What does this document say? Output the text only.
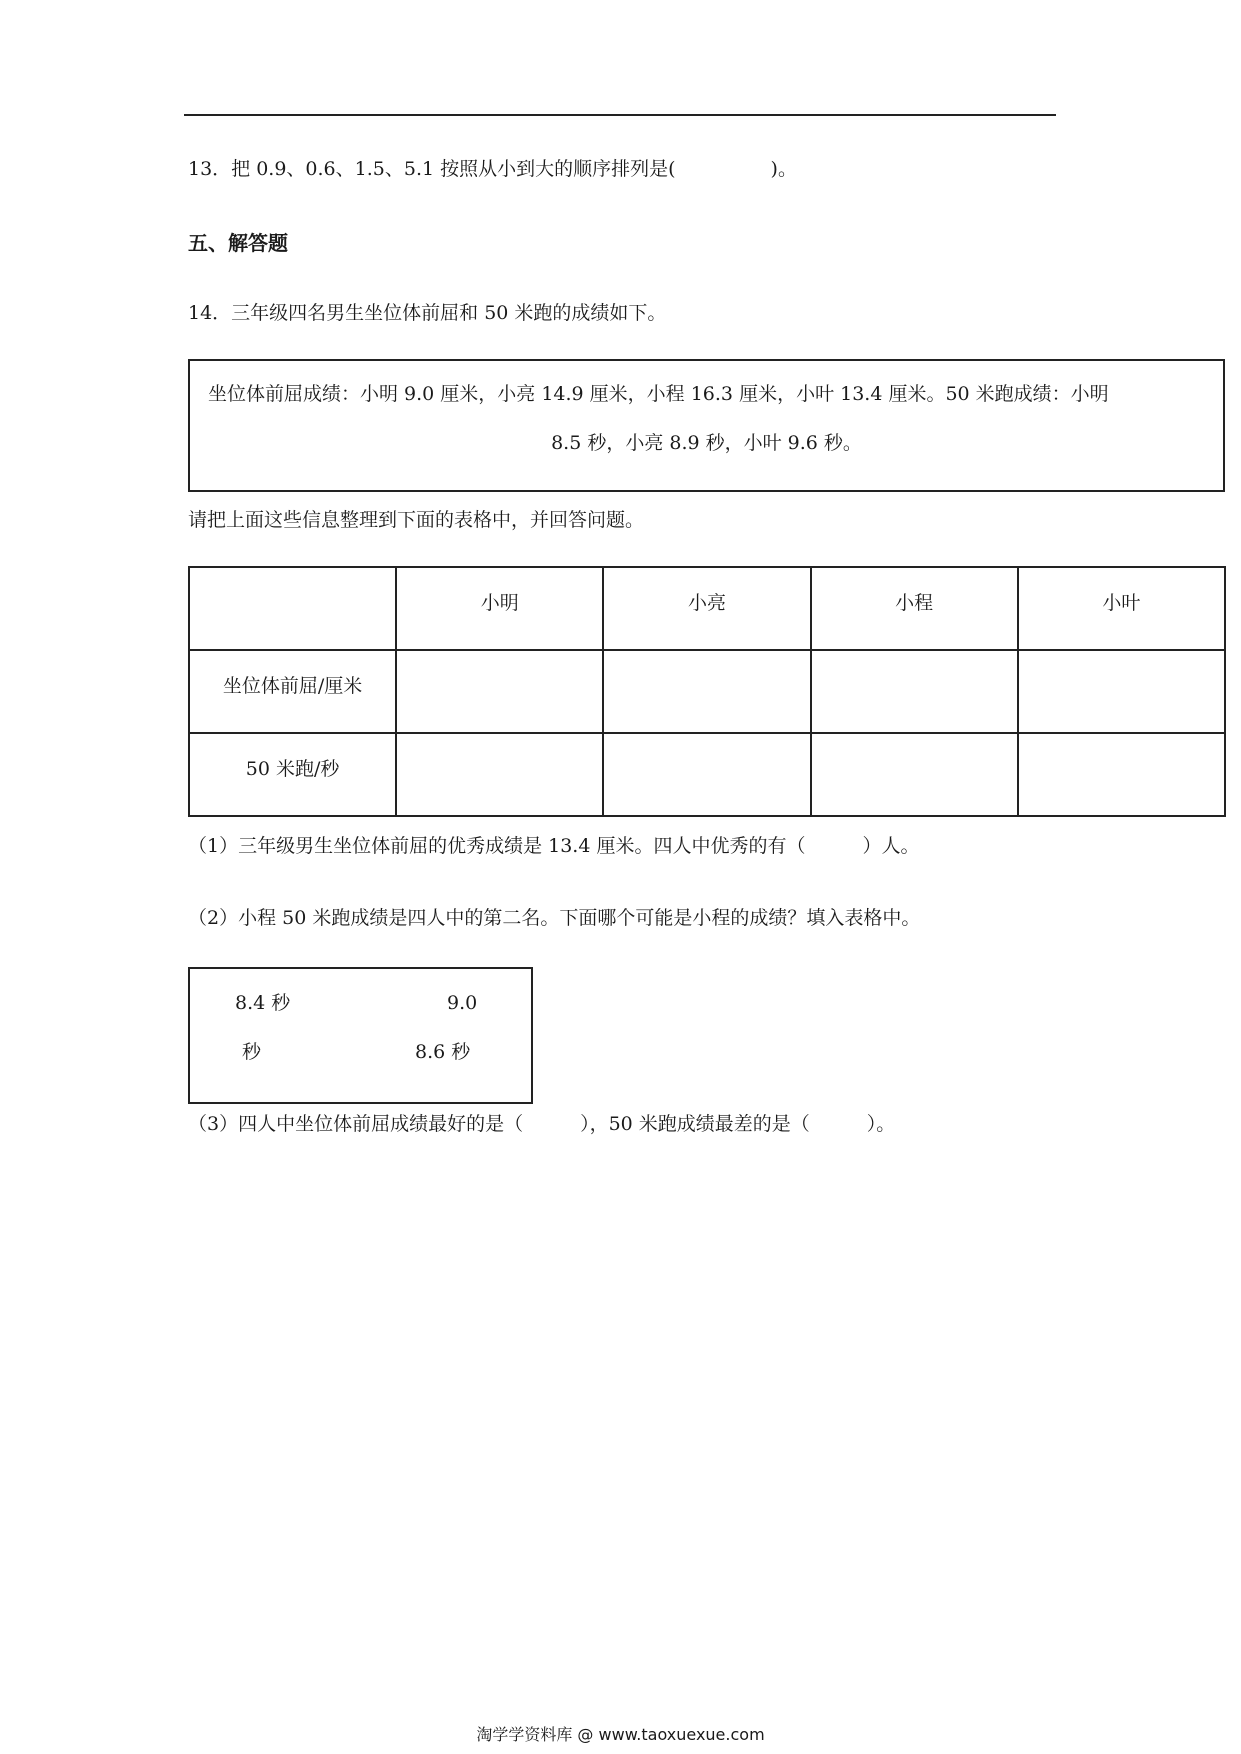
13．把 0.9、0.6、1.5、5.1 按照从小到大的顺序排列是(　　　　　)。
五、解答题
14．三年级四名男生坐位体前屈和 50 米跑的成绩如下。
坐位体前屈成绩：小明 9.0 厘米，小亮 14.9 厘米，小程 16.3 厘米，小叶 13.4 厘米。50 米跑成绩：小明
8.5 秒，小亮 8.9 秒，小叶 9.6 秒。
请把上面这些信息整理到下面的表格中，并回答问题。
	小明	小亮	小程	小叶
坐位体前屈/厘米				
50 米跑/秒				
（1）三年级男生坐位体前屈的优秀成绩是 13.4 厘米。四人中优秀的有（　　　）人。
（2）小程 50 米跑成绩是四人中的第二名。下面哪个可能是小程的成绩？填入表格中。
8.4 秒	9.0
秒	8.6 秒
（3）四人中坐位体前屈成绩最好的是（　　　），50 米跑成绩最差的是（　　　）。
淘学学资料库 @ www.taoxuexue.com
